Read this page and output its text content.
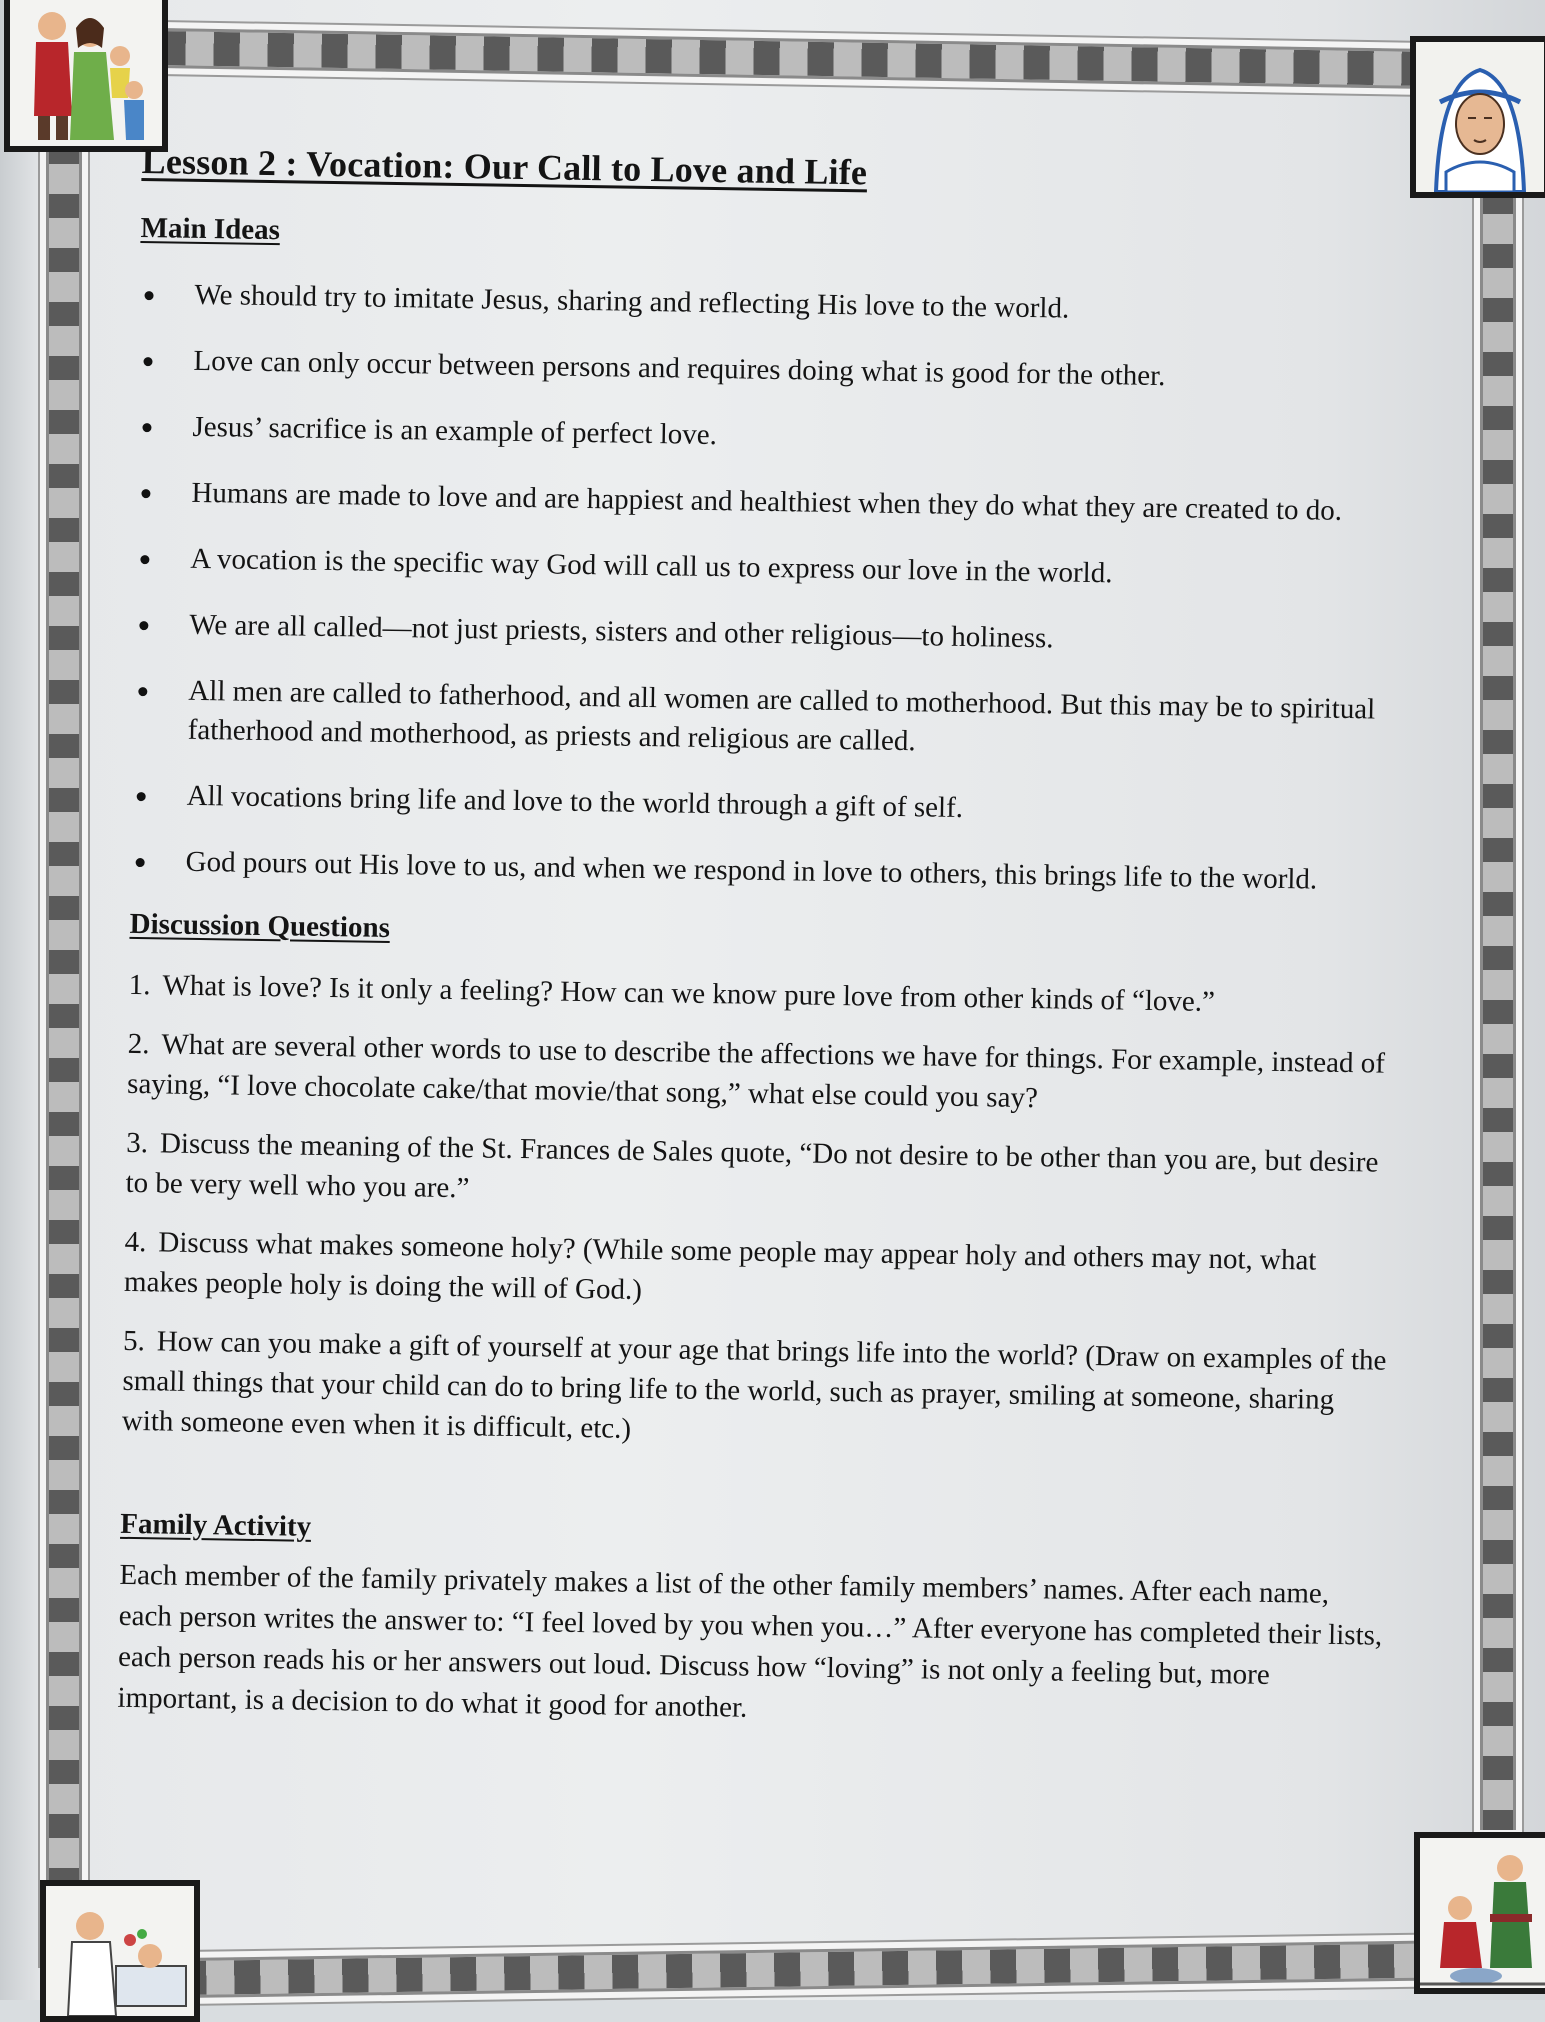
Lesson 2 : Vocation: Our Call to Love and Life
Main Ideas
We should try to imitate Jesus, sharing and reflecting His love to the world.
Love can only occur between persons and requires doing what is good for the other.
Jesus’ sacrifice is an example of perfect love.
Humans are made to love and are happiest and healthiest when they do what they are created to do.
A vocation is the specific way God will call us to express our love in the world.
We are all called—not just priests, sisters and other religious—to holiness.
All men are called to fatherhood, and all women are called to motherhood. But this may be to spiritual fatherhood and motherhood, as priests and religious are called.
All vocations bring life and love to the world through a gift of self.
God pours out His love to us, and when we respond in love to others, this brings life to the world.
Discussion Questions

1. What is love? Is it only a feeling? How can we know pure love from other kinds of “love.”

2. What are several other words to use to describe the affections we have for things. For example, instead of saying, “I love chocolate cake/that movie/that song,” what else could you say?

3. Discuss the meaning of the St. Frances de Sales quote, “Do not desire to be other than you are, but desire to be very well who you are.”

4. Discuss what makes someone holy? (While some people may appear holy and others may not, what makes people holy is doing the will of God.)

5. How can you make a gift of yourself at your age that brings life into the world? (Draw on examples of the small things that your child can do to bring life to the world, such as prayer, smiling at someone, sharing with someone even when it is difficult, etc.)

Family Activity

Each member of the family privately makes a list of the other family members’ names. After each name, each person writes the answer to: “I feel loved by you when you…” After everyone has completed their lists, each person reads his or her answers out loud. Discuss how “loving” is not only a feeling but, more important, is a decision to do what it good for another.
